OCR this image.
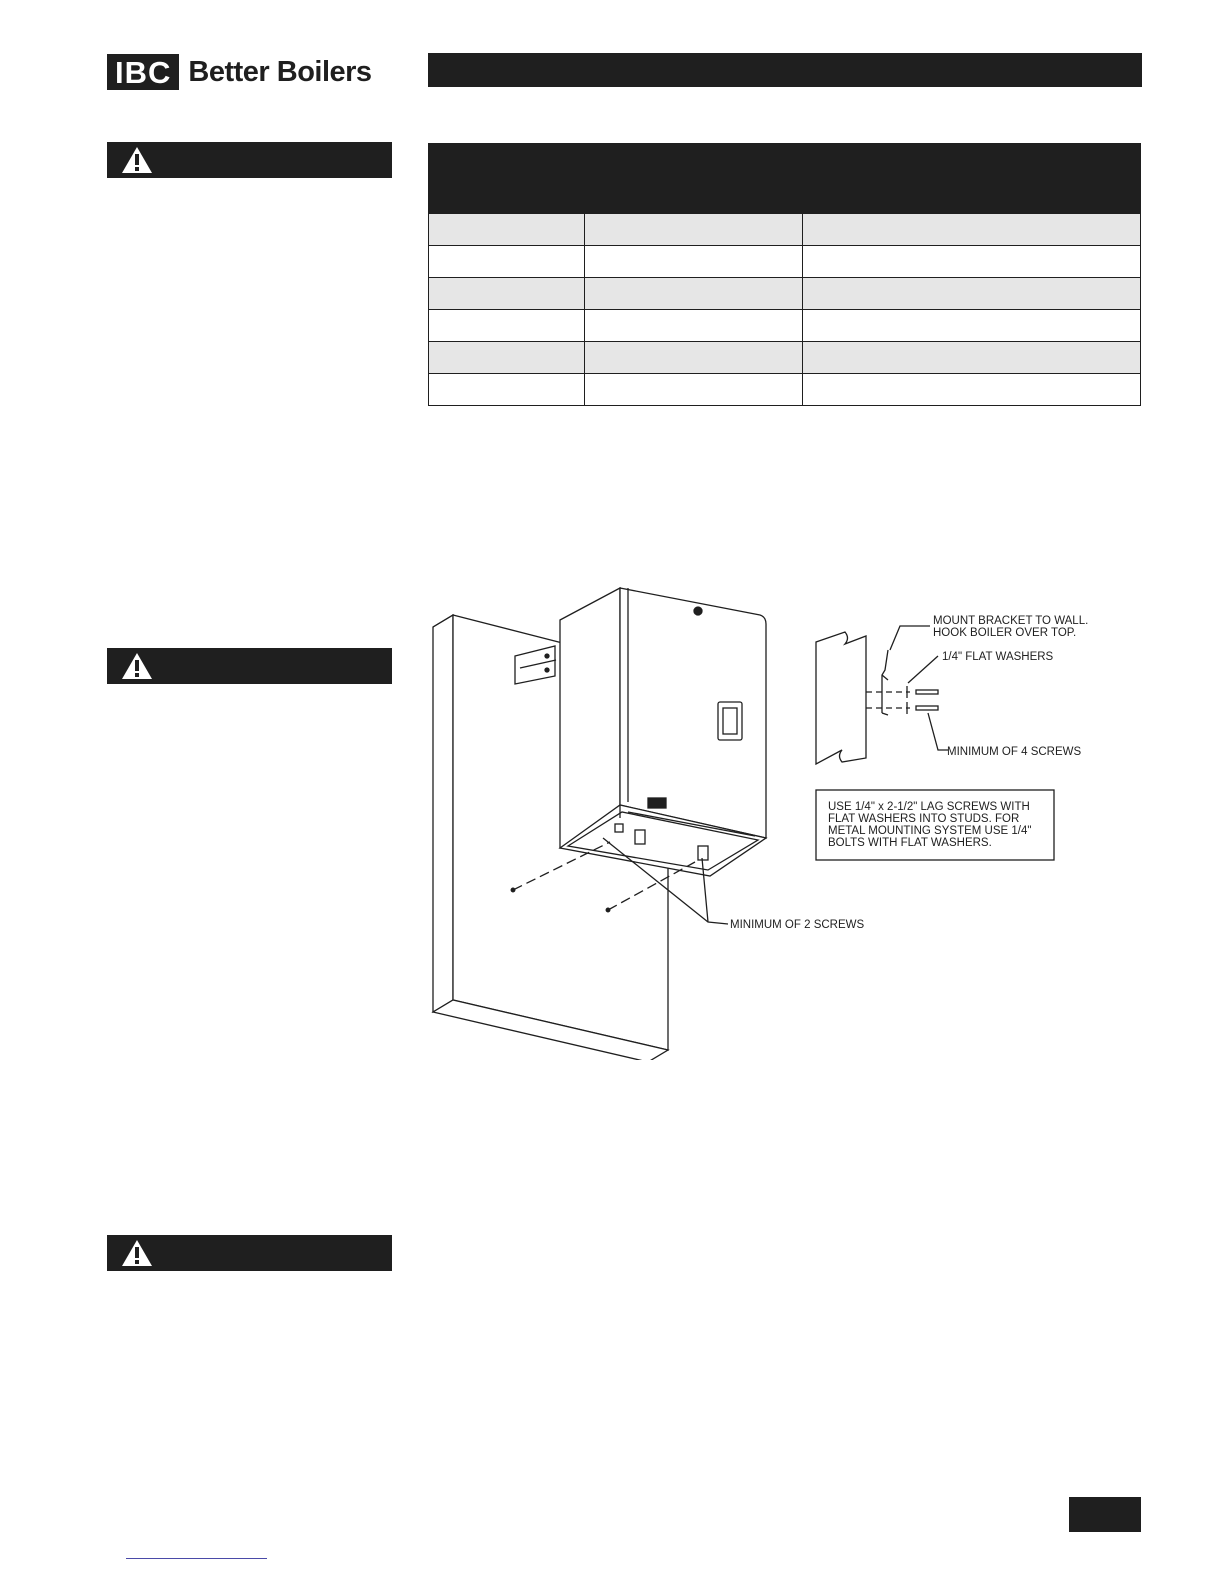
IBC Better Boilers

MOUNT BRACKET TO WALL.
HOOK BOILER OVER TOP.
1/4" FLAT WASHERS
MINIMUM OF 4 SCREWS
USE 1/4" x 2-1/2" LAG SCREWS WITH
FLAT WASHERS INTO STUDS. FOR
METAL MOUNTING SYSTEM USE 1/4"
BOLTS WITH FLAT WASHERS.
MINIMUM OF 2 SCREWS
